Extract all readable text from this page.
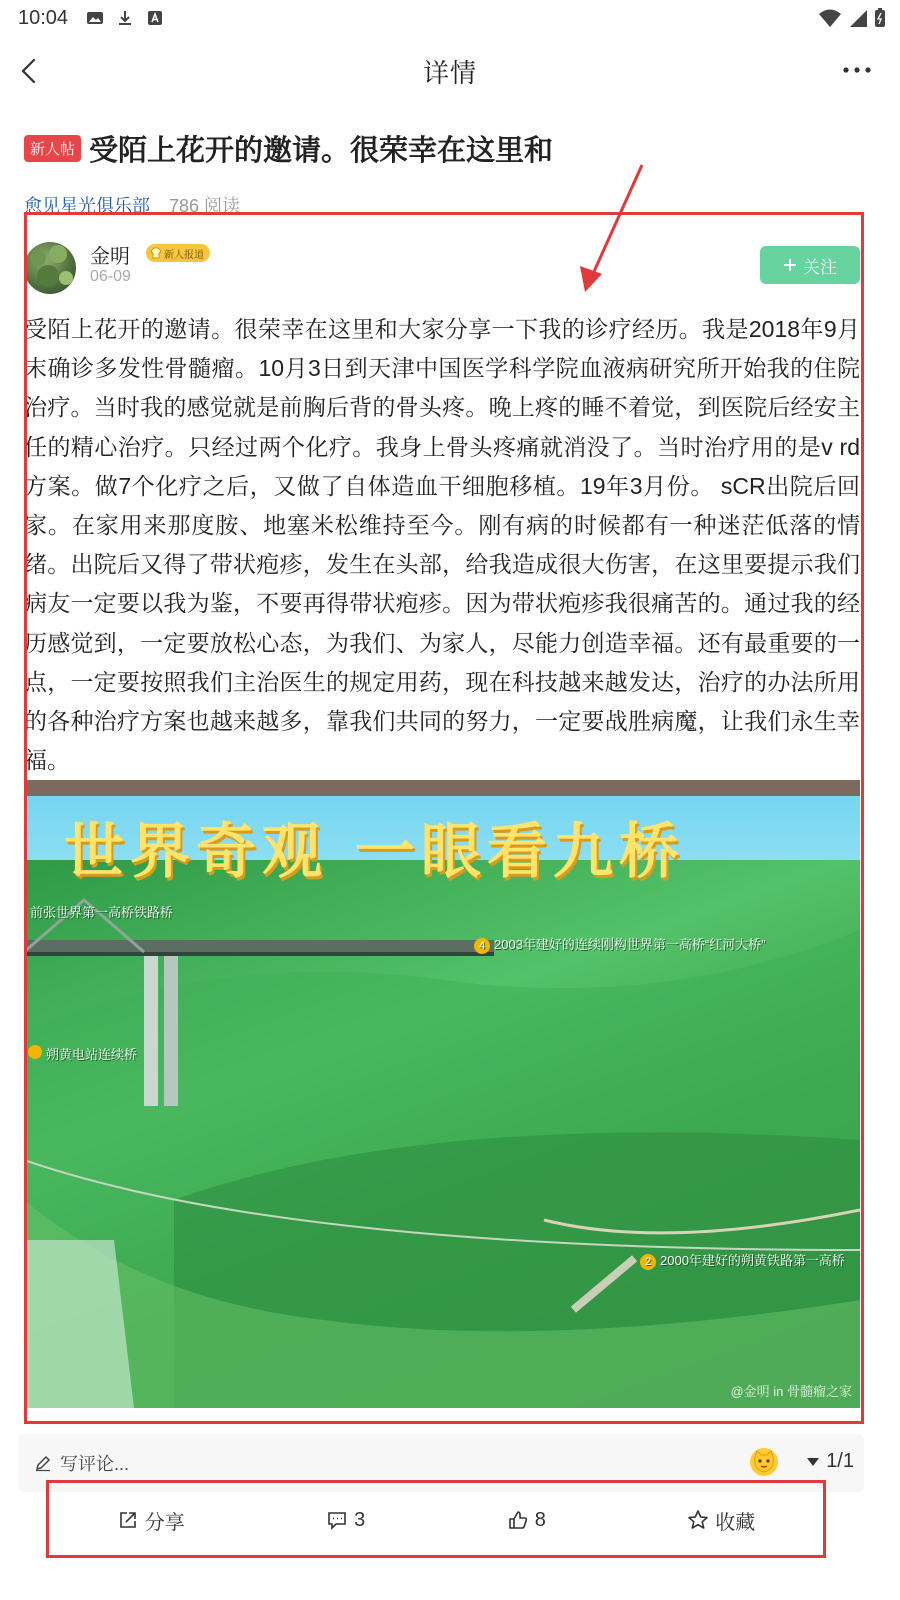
10:04
详情
新人帖 受陌上花开的邀请。很荣幸在这里和
愈见星光俱乐部 786 阅读
金明	新人报道
06-09	关注
受陌上花开的邀请。很荣幸在这里和大家分享一下我的诊疗经历。我是2018年9月末确诊多发性骨髓瘤。10月3日到天津中国医学科学院血液病研究所开始我的住院治疗。当时我的感觉就是前胸后背的骨头疼。晚上疼的睡不着觉，到医院后经安主任的精心治疗。只经过两个化疗。我身上骨头疼痛就消没了。当时治疗用的是v rd方案。做7个化疗之后，又做了自体造血干细胞移植。19年3月份。 sCR出院后回家。在家用来那度胺、地塞米松维持至今。刚有病的时候都有一种迷茫低落的情绪。出院后又得了带状疱疹，发生在头部，给我造成很大伤害，在这里要提示我们病友一定要以我为鉴，不要再得带状疱疹。因为带状疱疹我很痛苦的。通过我的经历感觉到，一定要放松心态，为我们、为家人，尽能力创造幸福。还有最重要的一点，一定要按照我们主治医生的规定用药，现在科技越来越发达，治疗的办法所用的各种治疗方案也越来越多，靠我们共同的努力，一定要战胜病魔，让我们永生幸福。
世界奇观 一眼看九桥
前张世界第一高桥铁路桥
4 2003年建好的连续刚构世界第一高桥“红河大桥”
朔黄电站连续桥
2 2000年建好的朔黄铁路第一高桥
@金明 in 骨髓瘤之家
写评论...	1/1
分享	3	8	收藏
